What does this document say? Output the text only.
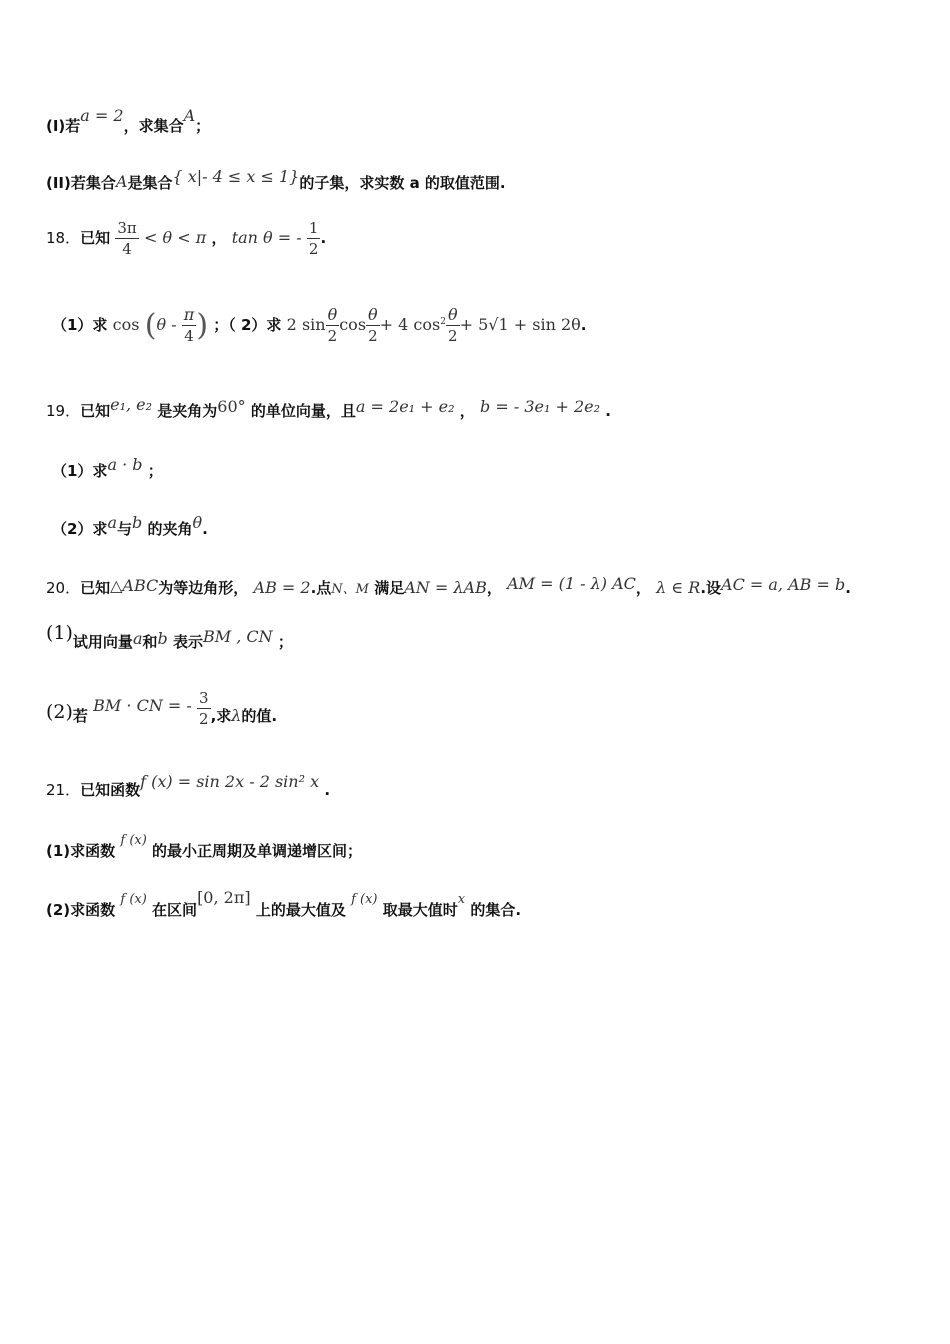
(I)若a = 2，求集合A；
(II)若集合A是集合{ x|- 4 ≤ x ≤ 1}的子集，求实数 a 的取值范围.
18．已知 $\frac{3\pi}{4} < \theta < \pi$ ， tan θ = - $\frac{1}{2}$ .
（1）求 $\cos (\theta - \frac{\pi}{4}$ ) ；（ 2）求 2 $\sin \frac{\theta}{2}$ $\cos \frac{\theta}{2} + 4$ $\cos^2 \frac{\theta}{2} + 5√1 + \sin 2\theta$.
19．已知e₁, e₂ 是夹角为60° 的单位向量，且a = 2e₁ + e₂ ， b = - 3e₁ + 2e₂ .
（1）求a · b ；
（2）求a与b 的夹角θ.
20．已知△ABC为等边角形， AB = 2.点N、M 满足AN = λAB， AM = (1 - λ) AC， λ ∈ R.设AC = a, AB = b.
(1)试用向量a和b 表示BM , CN ；
(2)若 BM · CN = - $\frac{3}{2}$ ,求λ的值.
21．已知函数f (x) = sin 2x - 2 sin² x .
(1)求函数 f (x) 的最小正周期及单调递增区间；
(2)求函数 f (x) 在区间[0, 2π] 上的最大值及 f (x) 取最大值时x 的集合.
